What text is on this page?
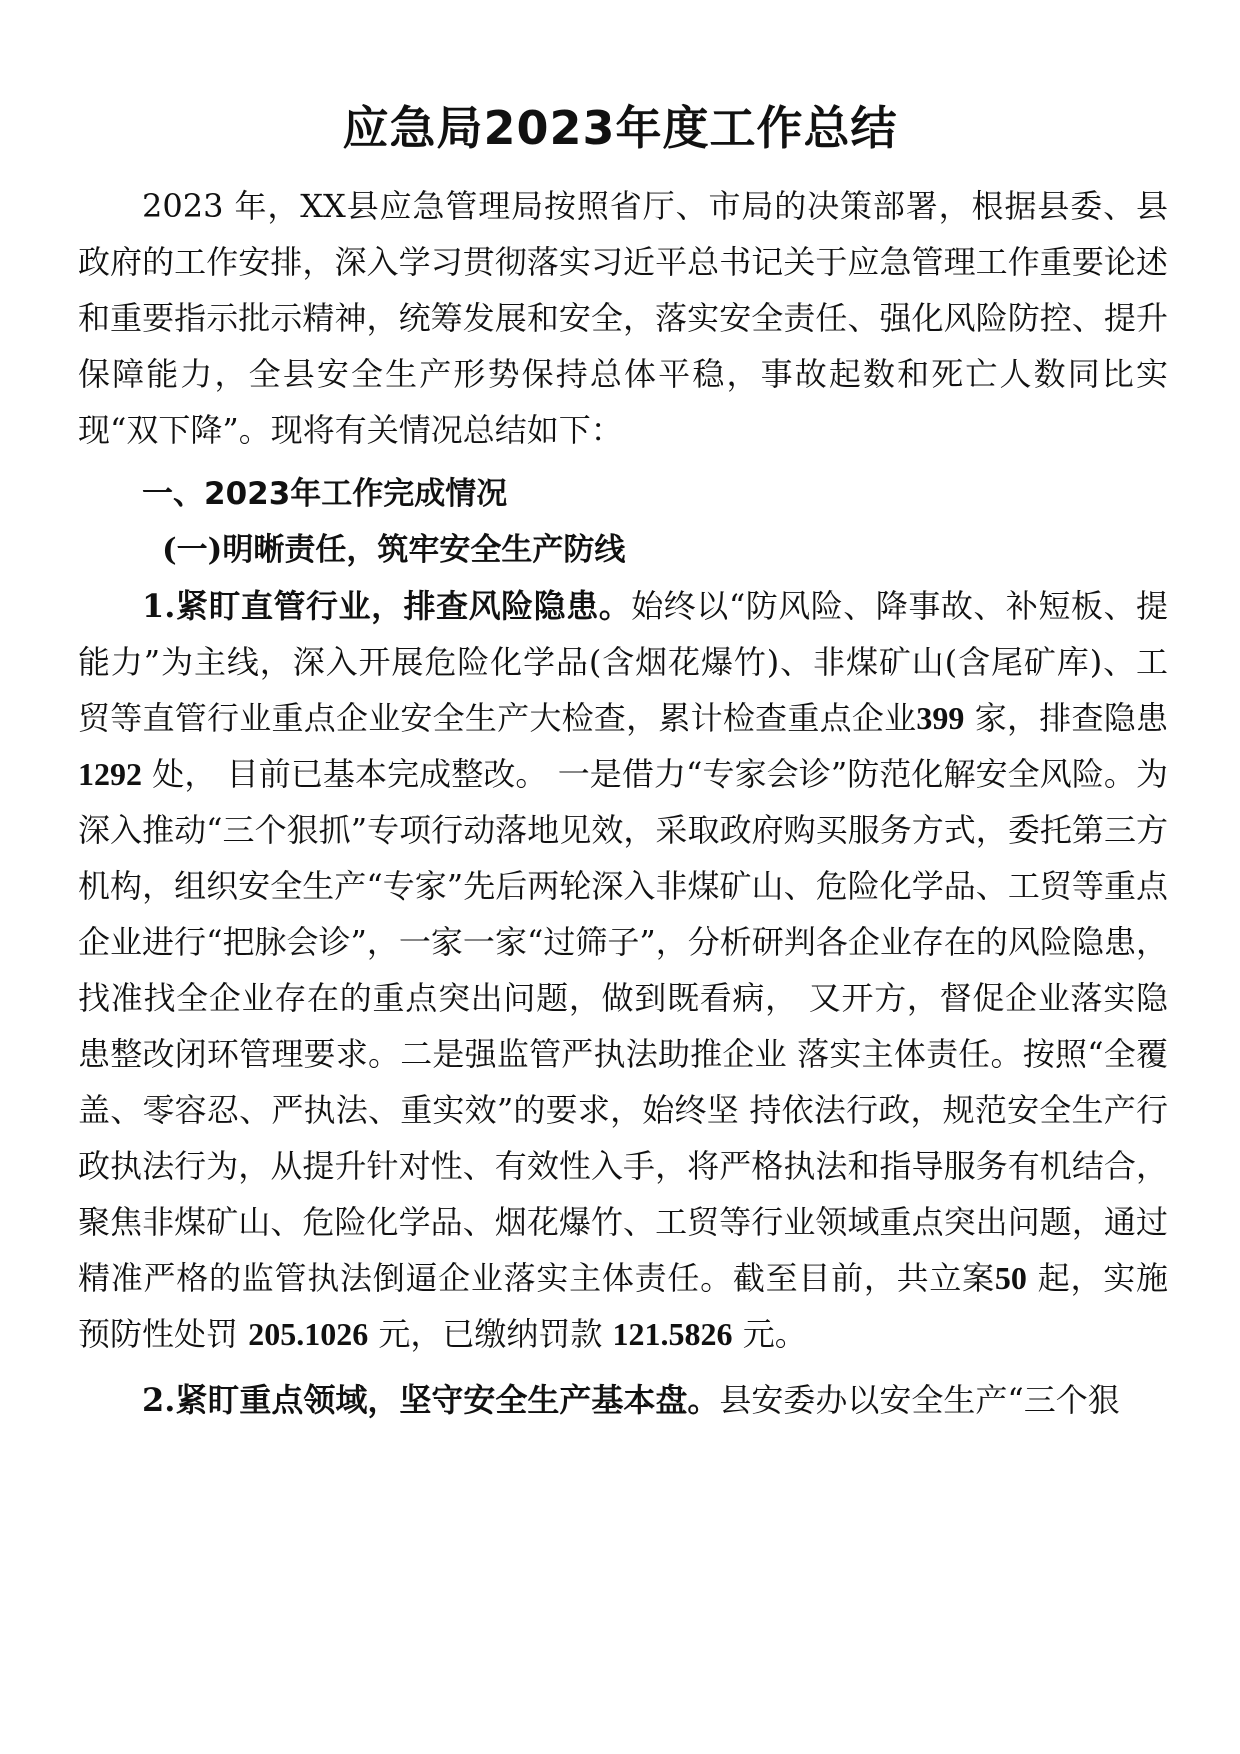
应急局2023年度工作总结

2023 年，XX县应急管理局按照省厅、市局的决策部署，根据县委、县政府的工作安排，深入学习贯彻落实习近平总书记关于应急管理工作重要论述和重要指示批示精神，统筹发展和安全，落实安全责任、强化风险防控、提升保障能力，全县安全生产形势保持总体平稳，事故起数和死亡人数同比实现“双下降”。现将有关情况总结如下：

一、2023年工作完成情况

(一)明晰责任，筑牢安全生产防线

1.紧盯直管行业，排查风险隐患。始终以“防风险、降事故、补短板、提能力”为主线，深入开展危险化学品(含烟花爆竹)、非煤矿山(含尾矿库)、工贸等直管行业重点企业安全生产大检查，累计检查重点企业399 家，排查隐患1292 处， 目前已基本完成整改。 一是借力“专家会诊”防范化解安全风险。为深入推动“三个狠抓”专项行动落地见效，采取政府购买服务方式，委托第三方机构，组织安全生产“专家”先后两轮深入非煤矿山、危险化学品、工贸等重点企业进行“把脉会诊”，一家一家“过筛子”，分析研判各企业存在的风险隐患，找准找全企业存在的重点突出问题，做到既看病， 又开方，督促企业落实隐患整改闭环管理要求。二是强监管严执法助推企业 落实主体责任。按照“全覆盖、零容忍、严执法、重实效”的要求，始终坚 持依法行政，规范安全生产行政执法行为，从提升针对性、有效性入手，将严格执法和指导服务有机结合，聚焦非煤矿山、危险化学品、烟花爆竹、工贸等行业领域重点突出问题，通过精准严格的监管执法倒逼企业落实主体责任。截至目前，共立案50 起，实施预防性处罚 205.1026 元，已缴纳罚款 121.5826 元。

2.紧盯重点领域，坚守安全生产基本盘。县安委办以安全生产“三个狠
